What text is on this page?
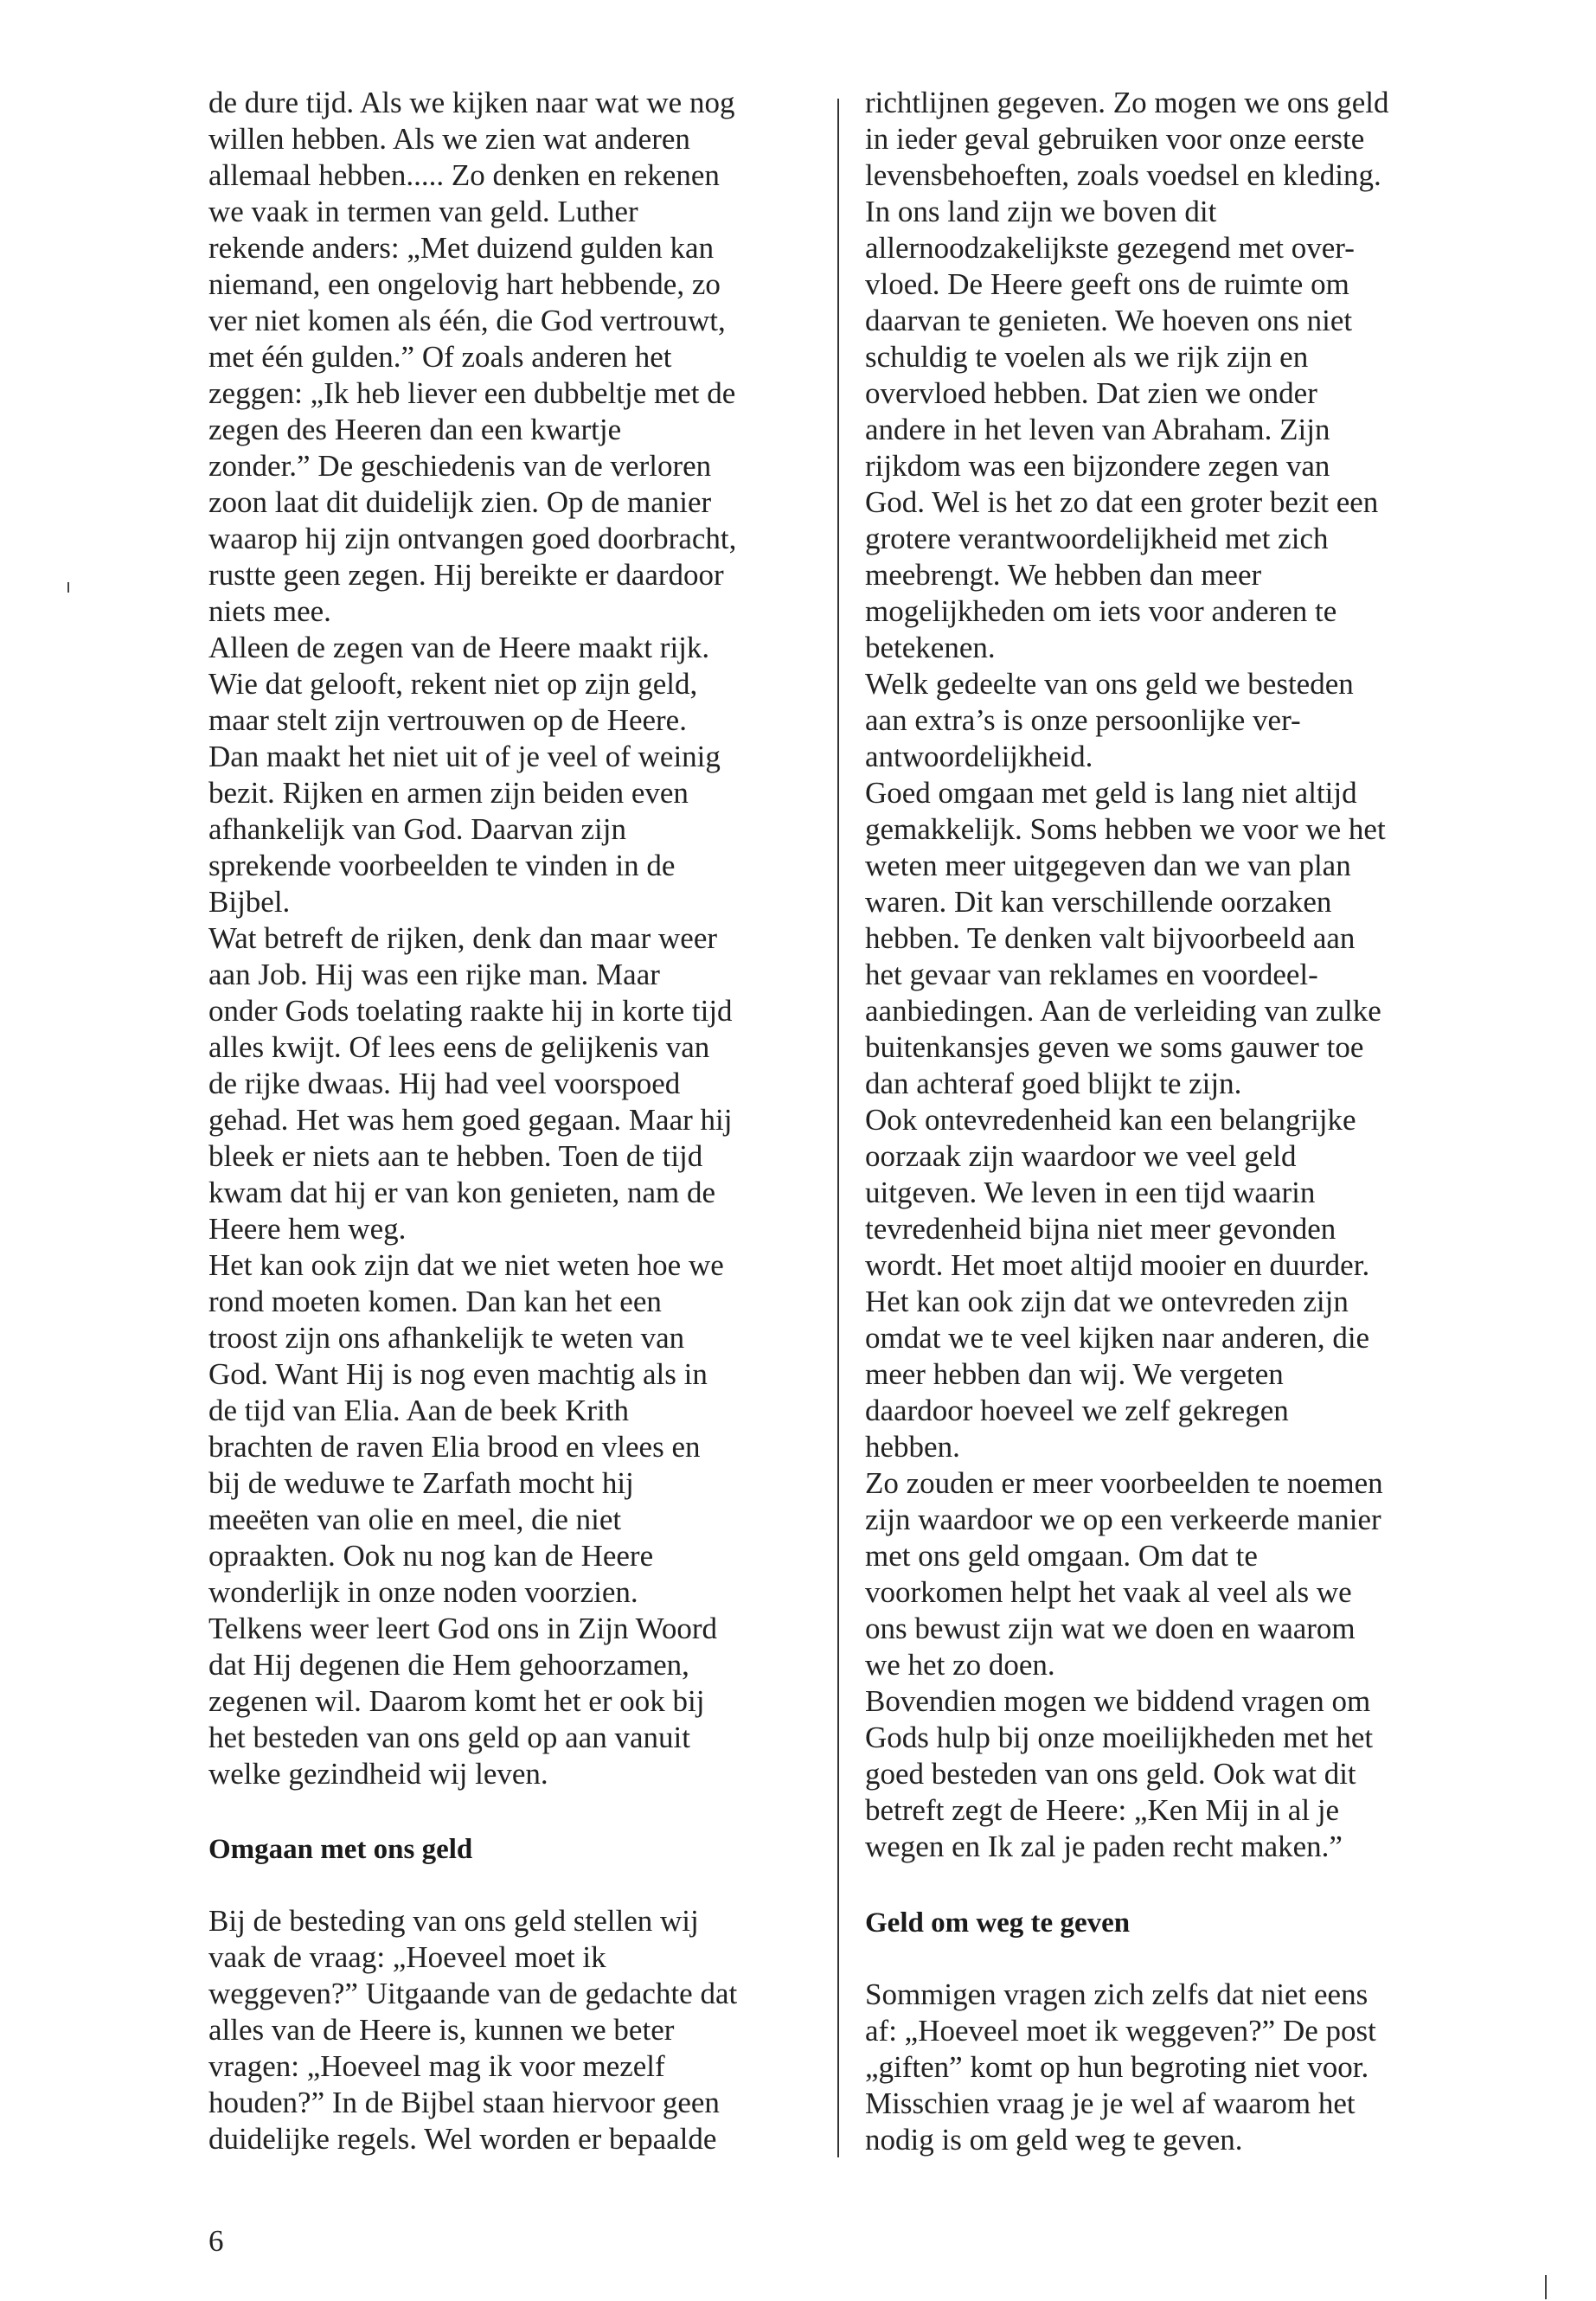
de dure tijd. Als we kijken naar wat we nog
willen hebben. Als we zien wat anderen
allemaal hebben..... Zo denken en rekenen
we vaak in termen van geld. Luther
rekende anders: „Met duizend gulden kan
niemand, een ongelovig hart hebbende, zo
ver niet komen als één, die God vertrouwt,
met één gulden.” Of zoals anderen het
zeggen: „Ik heb liever een dubbeltje met de
zegen des Heeren dan een kwartje
zonder.” De geschiedenis van de verloren
zoon laat dit duidelijk zien. Op de manier
waarop hij zijn ontvangen goed doorbracht,
rustte geen zegen. Hij bereikte er daardoor
niets mee.

Alleen de zegen van de Heere maakt rijk.
Wie dat gelooft, rekent niet op zijn geld,
maar stelt zijn vertrouwen op de Heere.
Dan maakt het niet uit of je veel of weinig
bezit. Rijken en armen zijn beiden even
afhankelijk van God. Daarvan zijn
sprekende voorbeelden te vinden in de
Bijbel.

Wat betreft de rijken, denk dan maar weer
aan Job. Hij was een rijke man. Maar
onder Gods toelating raakte hij in korte tijd
alles kwijt. Of lees eens de gelijkenis van
de rijke dwaas. Hij had veel voorspoed
gehad. Het was hem goed gegaan. Maar hij
bleek er niets aan te hebben. Toen de tijd
kwam dat hij er van kon genieten, nam de
Heere hem weg.

Het kan ook zijn dat we niet weten hoe we
rond moeten komen. Dan kan het een
troost zijn ons afhankelijk te weten van
God. Want Hij is nog even machtig als in
de tijd van Elia. Aan de beek Krith
brachten de raven Elia brood en vlees en
bij de weduwe te Zarfath mocht hij
meeëten van olie en meel, die niet
opraakten. Ook nu nog kan de Heere
wonderlijk in onze noden voorzien.

Telkens weer leert God ons in Zijn Woord
dat Hij degenen die Hem gehoorzamen,
zegenen wil. Daarom komt het er ook bij
het besteden van ons geld op aan vanuit
welke gezindheid wij leven.

Omgaan met ons geld

Bij de besteding van ons geld stellen wij
vaak de vraag: „Hoeveel moet ik
weggeven?” Uitgaande van de gedachte dat
alles van de Heere is, kunnen we beter
vragen: „Hoeveel mag ik voor mezelf
houden?” In de Bijbel staan hiervoor geen
duidelijke regels. Wel worden er bepaalde

richtlijnen gegeven. Zo mogen we ons geld
in ieder geval gebruiken voor onze eerste
levensbehoeften, zoals voedsel en kleding.
In ons land zijn we boven dit
allernoodzakelijkste gezegend met over-
vloed. De Heere geeft ons de ruimte om
daarvan te genieten. We hoeven ons niet
schuldig te voelen als we rijk zijn en
overvloed hebben. Dat zien we onder
andere in het leven van Abraham. Zijn
rijkdom was een bijzondere zegen van
God. Wel is het zo dat een groter bezit een
grotere verantwoordelijkheid met zich
meebrengt. We hebben dan meer
mogelijkheden om iets voor anderen te
betekenen.

Welk gedeelte van ons geld we besteden
aan extra’s is onze persoonlijke ver-
antwoordelijkheid.

Goed omgaan met geld is lang niet altijd
gemakkelijk. Soms hebben we voor we het
weten meer uitgegeven dan we van plan
waren. Dit kan verschillende oorzaken
hebben. Te denken valt bijvoorbeeld aan
het gevaar van reklames en voordeel-
aanbiedingen. Aan de verleiding van zulke
buitenkansjes geven we soms gauwer toe
dan achteraf goed blijkt te zijn.

Ook ontevredenheid kan een belangrijke
oorzaak zijn waardoor we veel geld
uitgeven. We leven in een tijd waarin
tevredenheid bijna niet meer gevonden
wordt. Het moet altijd mooier en duurder.
Het kan ook zijn dat we ontevreden zijn
omdat we te veel kijken naar anderen, die
meer hebben dan wij. We vergeten
daardoor hoeveel we zelf gekregen
hebben.

Zo zouden er meer voorbeelden te noemen
zijn waardoor we op een verkeerde manier
met ons geld omgaan. Om dat te
voorkomen helpt het vaak al veel als we
ons bewust zijn wat we doen en waarom
we het zo doen.

Bovendien mogen we biddend vragen om
Gods hulp bij onze moeilijkheden met het
goed besteden van ons geld. Ook wat dit
betreft zegt de Heere: „Ken Mij in al je
wegen en Ik zal je paden recht maken.”

Geld om weg te geven

Sommigen vragen zich zelfs dat niet eens
af: „Hoeveel moet ik weggeven?” De post
„giften” komt op hun begroting niet voor.
Misschien vraag je je wel af waarom het
nodig is om geld weg te geven.

6
